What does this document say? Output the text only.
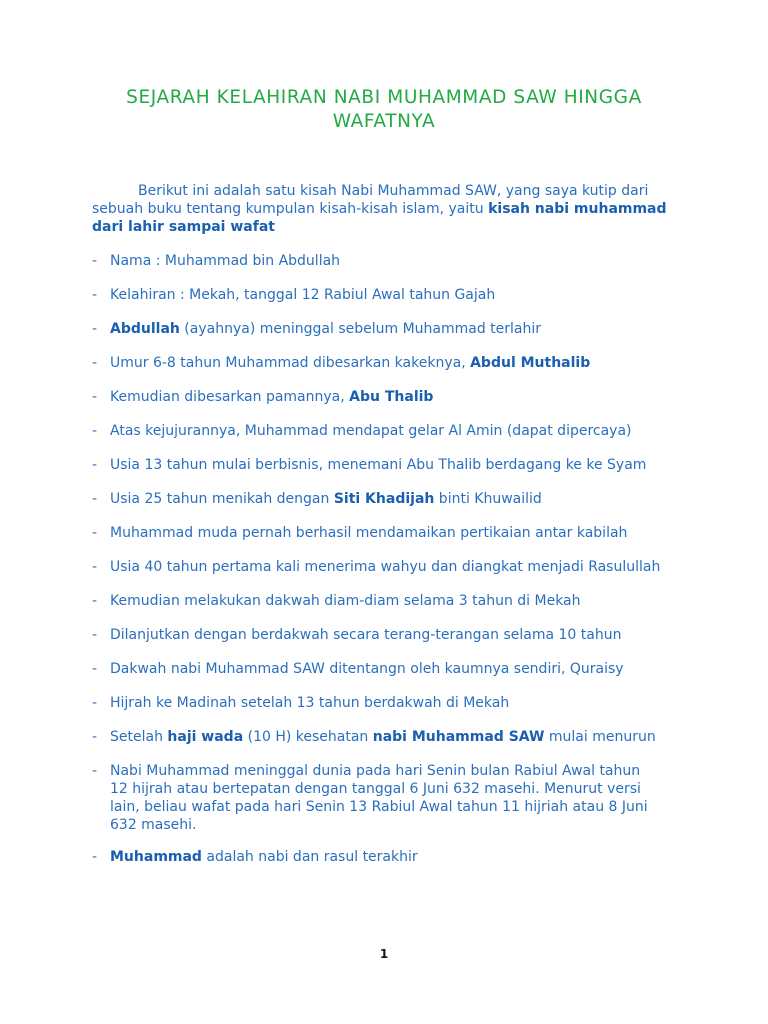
SEJARAH KELAHIRAN NABI MUHAMMAD SAW HINGGA
WAFATNYA
Berikut ini adalah satu kisah Nabi Muhammad SAW, yang saya kutip dari sebuah buku tentang kumpulan kisah-kisah islam, yaitu kisah nabi muhammad dari lahir sampai wafat
- Nama : Muhammad bin Abdullah
- Kelahiran : Mekah, tanggal 12 Rabiul Awal tahun Gajah
- Abdullah (ayahnya) meninggal sebelum Muhammad terlahir
- Umur 6-8 tahun Muhammad dibesarkan kakeknya, Abdul Muthalib
- Kemudian dibesarkan pamannya, Abu Thalib
- Atas kejujurannya, Muhammad mendapat gelar Al Amin (dapat dipercaya)
- Usia 13 tahun mulai berbisnis, menemani Abu Thalib berdagang ke ke Syam
- Usia 25 tahun menikah dengan Siti Khadijah binti Khuwailid
- Muhammad muda pernah berhasil mendamaikan pertikaian antar kabilah
- Usia 40 tahun pertama kali menerima wahyu dan diangkat menjadi Rasulullah
- Kemudian melakukan dakwah diam-diam selama 3 tahun di Mekah
- Dilanjutkan dengan berdakwah secara terang-terangan selama 10 tahun
- Dakwah nabi Muhammad SAW ditentangn oleh kaumnya sendiri, Quraisy
- Hijrah ke Madinah setelah 13 tahun berdakwah di Mekah
- Setelah haji wada (10 H) kesehatan nabi Muhammad SAW mulai menurun
- Nabi Muhammad meninggal dunia pada hari Senin bulan Rabiul Awal tahun 12 hijrah atau bertepatan dengan tanggal 6 Juni 632 masehi. Menurut versi lain, beliau wafat pada hari Senin 13 Rabiul Awal tahun 11 hijriah atau 8 Juni 632 masehi.
- Muhammad adalah nabi dan rasul terakhir
1
